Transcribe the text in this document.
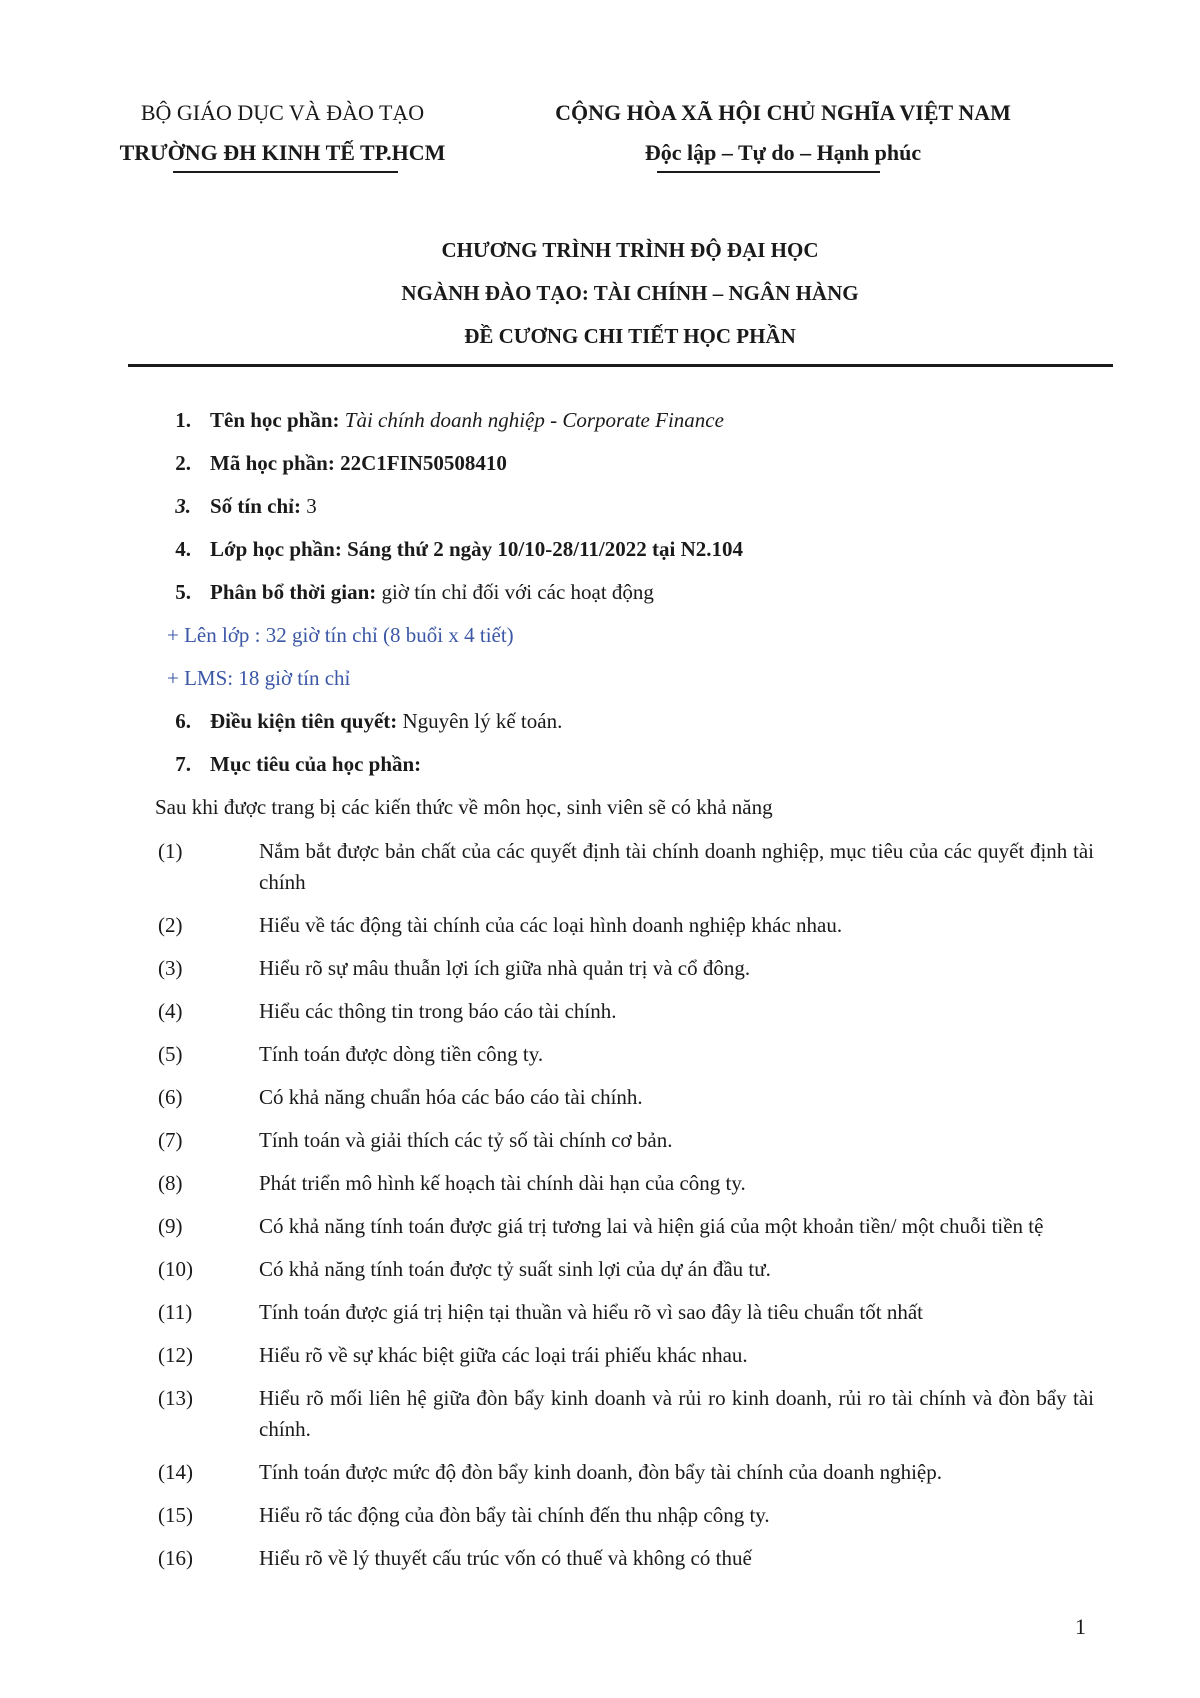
BỘ GIÁO DỤC VÀ ĐÀO TẠO
TRƯỜNG ĐH KINH TẾ TP.HCM
CỘNG HÒA XÃ HỘI CHỦ NGHĨA VIỆT NAM
Độc lập – Tự do – Hạnh phúc
CHƯƠNG TRÌNH TRÌNH ĐỘ ĐẠI HỌC
NGÀNH ĐÀO TẠO: TÀI CHÍNH – NGÂN HÀNG
ĐỀ CƯƠNG CHI TIẾT HỌC PHẦN
1. Tên học phần: Tài chính doanh nghiệp - Corporate Finance
2. Mã học phần: 22C1FIN50508410
3. Số tín chỉ: 3
4. Lớp học phần: Sáng thứ 2 ngày 10/10-28/11/2022 tại N2.104
5. Phân bổ thời gian: giờ tín chỉ đối với các hoạt động
+ Lên lớp : 32 giờ tín chỉ (8 buổi x 4 tiết)
+ LMS: 18 giờ tín chỉ
6. Điều kiện tiên quyết: Nguyên lý kế toán.
7. Mục tiêu của học phần:
Sau khi được trang bị các kiến thức về môn học, sinh viên sẽ có khả năng
(1)	Nắm bắt được bản chất của các quyết định tài chính doanh nghiệp, mục tiêu của các quyết định tài chính
(2)	Hiểu về tác động tài chính của các loại hình doanh nghiệp khác nhau.
(3)	Hiểu rõ sự mâu thuẫn lợi ích giữa nhà quản trị và cổ đông.
(4)	Hiểu các thông tin trong báo cáo tài chính.
(5)	Tính toán được dòng tiền công ty.
(6)	Có khả năng chuẩn hóa các báo cáo tài chính.
(7)	Tính toán và giải thích các tỷ số tài chính cơ bản.
(8)	Phát triển mô hình kế hoạch tài chính dài hạn của công ty.
(9)	Có khả năng tính toán được giá trị tương lai và hiện giá của một khoản tiền/ một chuỗi tiền tệ
(10)	Có khả năng tính toán được tỷ suất sinh lợi của dự án đầu tư.
(11)	Tính toán được giá trị hiện tại thuần và hiểu rõ vì sao đây là tiêu chuẩn tốt nhất
(12)	Hiểu rõ về sự khác biệt giữa các loại trái phiếu khác nhau.
(13)	Hiểu rõ mối liên hệ giữa đòn bẩy kinh doanh và rủi ro kinh doanh, rủi ro tài chính và đòn bẩy tài chính.
(14)	Tính toán được mức độ đòn bẩy kinh doanh, đòn bẩy tài chính của doanh nghiệp.
(15)	Hiểu rõ tác động của đòn bẩy tài chính đến thu nhập công ty.
(16)	Hiểu rõ về lý thuyết cấu trúc vốn có thuế và không có thuế
1
